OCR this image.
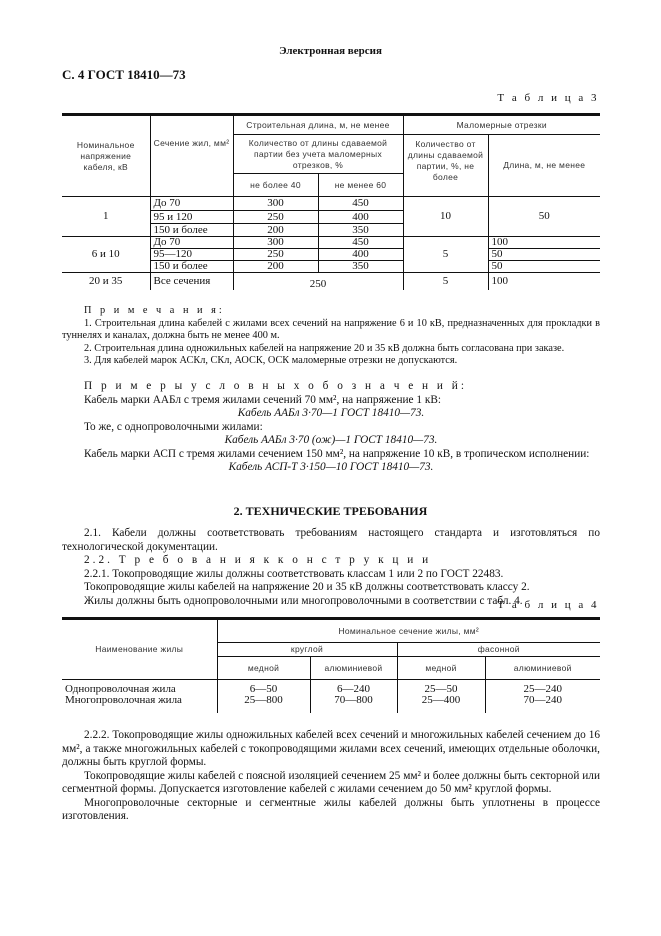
Электронная версия
С. 4 ГОСТ 18410—73
Т а б л и ц а 3
Номинальное напряжение кабеля, кВ	Сечение жил, мм²	Строительная длина, м, не менее		Маломерные отрезки	
		Количество от длины сдаваемой партии без учета маломерных отрезков, %		Количество от длины сдаваемой партии, %, не более	Длина, м, не менее
		не более 40	не менее 60		
1	До 70	300	450	10	50
	95 и 120	250	400		
	150 и более	200	350		
6 и 10	До 70	300	450	5	100
	95—120	250	400		50
	150 и более	200	350		50
20 и 35	Все сечения	250		5	100

П р и м е ч а н и я:

1. Строительная длина кабелей с жилами всех сечений на напряжение 6 и 10 кВ, предназначенных для прокладки в туннелях и каналах, должна быть не менее 400 м.

2. Строительная длина одножильных кабелей на напряжение 20 и 35 кВ должна быть согласована при заказе.

3. Для кабелей марок АСКл, СКл, АОСК, ОСК маломерные отрезки не допускаются.

П р и м е р ы у с л о в н ы х о б о з н а ч е н и й:

Кабель марки ААБл с тремя жилами сечений 70 мм², на напряжение 1 кВ:

Кабель ААБл 3·70—1 ГОСТ 18410—73.

То же, с однопроволочными жилами:

Кабель ААБл 3·70 (ож)—1 ГОСТ 18410—73.

Кабель марки АСП с тремя жилами сечением 150 мм², на напряжение 10 кВ, в тропическом исполнении:

Кабель АСП-Т 3·150—10 ГОСТ 18410—73.

2. ТЕХНИЧЕСКИЕ ТРЕБОВАНИЯ

2.1. Кабели должны соответствовать требованиям настоящего стандарта и изготовляться по технологической документации.

2.2. Т р е б о в а н и я к к о н с т р у к ц и и

2.2.1. Токопроводящие жилы должны соответствовать классам 1 или 2 по ГОСТ 22483.

Токопроводящие жилы кабелей на напряжение 20 и 35 кВ должны соответствовать классу 2.

Жилы должны быть однопроволочными или многопроволочными в соответствии с табл. 4.

Т а б л и ц а 4
Наименование жилы	Номинальное сечение жилы, мм²			
	круглой		фасонной	
	медной	алюминиевой	медной	алюминиевой
Однопроволочная жила	6—50	6—240	25—50	25—240
Многопроволочная жила	25—800	70—800	25—400	70—240

2.2.2. Токопроводящие жилы одножильных кабелей всех сечений и многожильных кабелей сечением до 16 мм², а также многожильных кабелей с токопроводящими жилами всех сечений, имеющих отдельные оболочки, должны быть круглой формы.

Токопроводящие жилы кабелей с поясной изоляцией сечением 25 мм² и более должны быть секторной или сегментной формы. Допускается изготовление кабелей с жилами сечением до 50 мм² круглой формы.

Многопроволочные секторные и сегментные жилы кабелей должны быть уплотнены в процессе изготовления.
